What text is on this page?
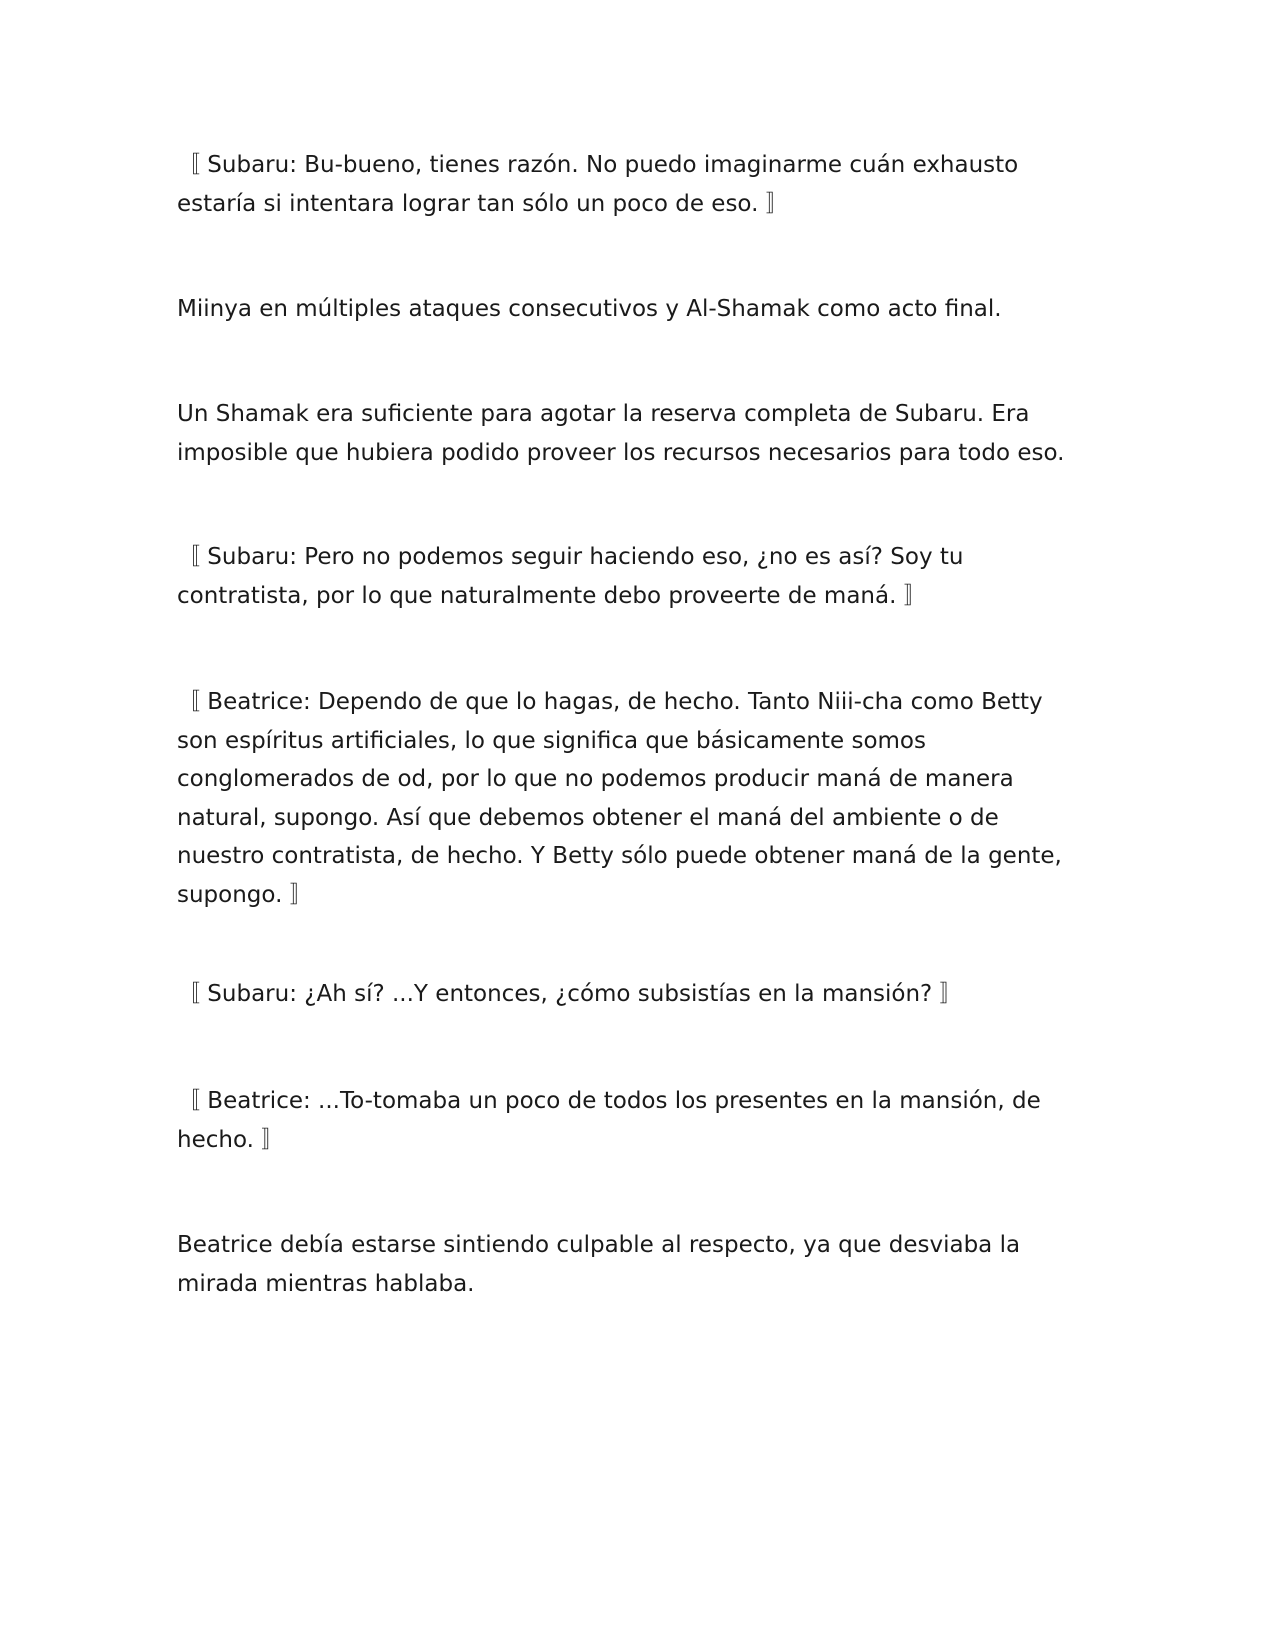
〚 Subaru: Bu-bueno, tienes razón. No puedo imaginarme cuán exhausto
estaría si intentara lograr tan sólo un poco de eso. 〛

Miinya en múltiples ataques consecutivos y Al-Shamak como acto final.

Un Shamak era suficiente para agotar la reserva completa de Subaru. Era
imposible que hubiera podido proveer los recursos necesarios para todo eso.

〚 Subaru: Pero no podemos seguir haciendo eso, ¿no es así? Soy tu
contratista, por lo que naturalmente debo proveerte de maná. 〛

〚 Beatrice: Dependo de que lo hagas, de hecho. Tanto Niii-cha como Betty
son espíritus artificiales, lo que significa que básicamente somos
conglomerados de od, por lo que no podemos producir maná de manera
natural, supongo. Así que debemos obtener el maná del ambiente o de
nuestro contratista, de hecho. Y Betty sólo puede obtener maná de la gente,
supongo. 〛

〚 Subaru: ¿Ah sí? ...Y entonces, ¿cómo subsistías en la mansión? 〛

〚 Beatrice: ...To-tomaba un poco de todos los presentes en la mansión, de
hecho. 〛

Beatrice debía estarse sintiendo culpable al respecto, ya que desviaba la
mirada mientras hablaba.
